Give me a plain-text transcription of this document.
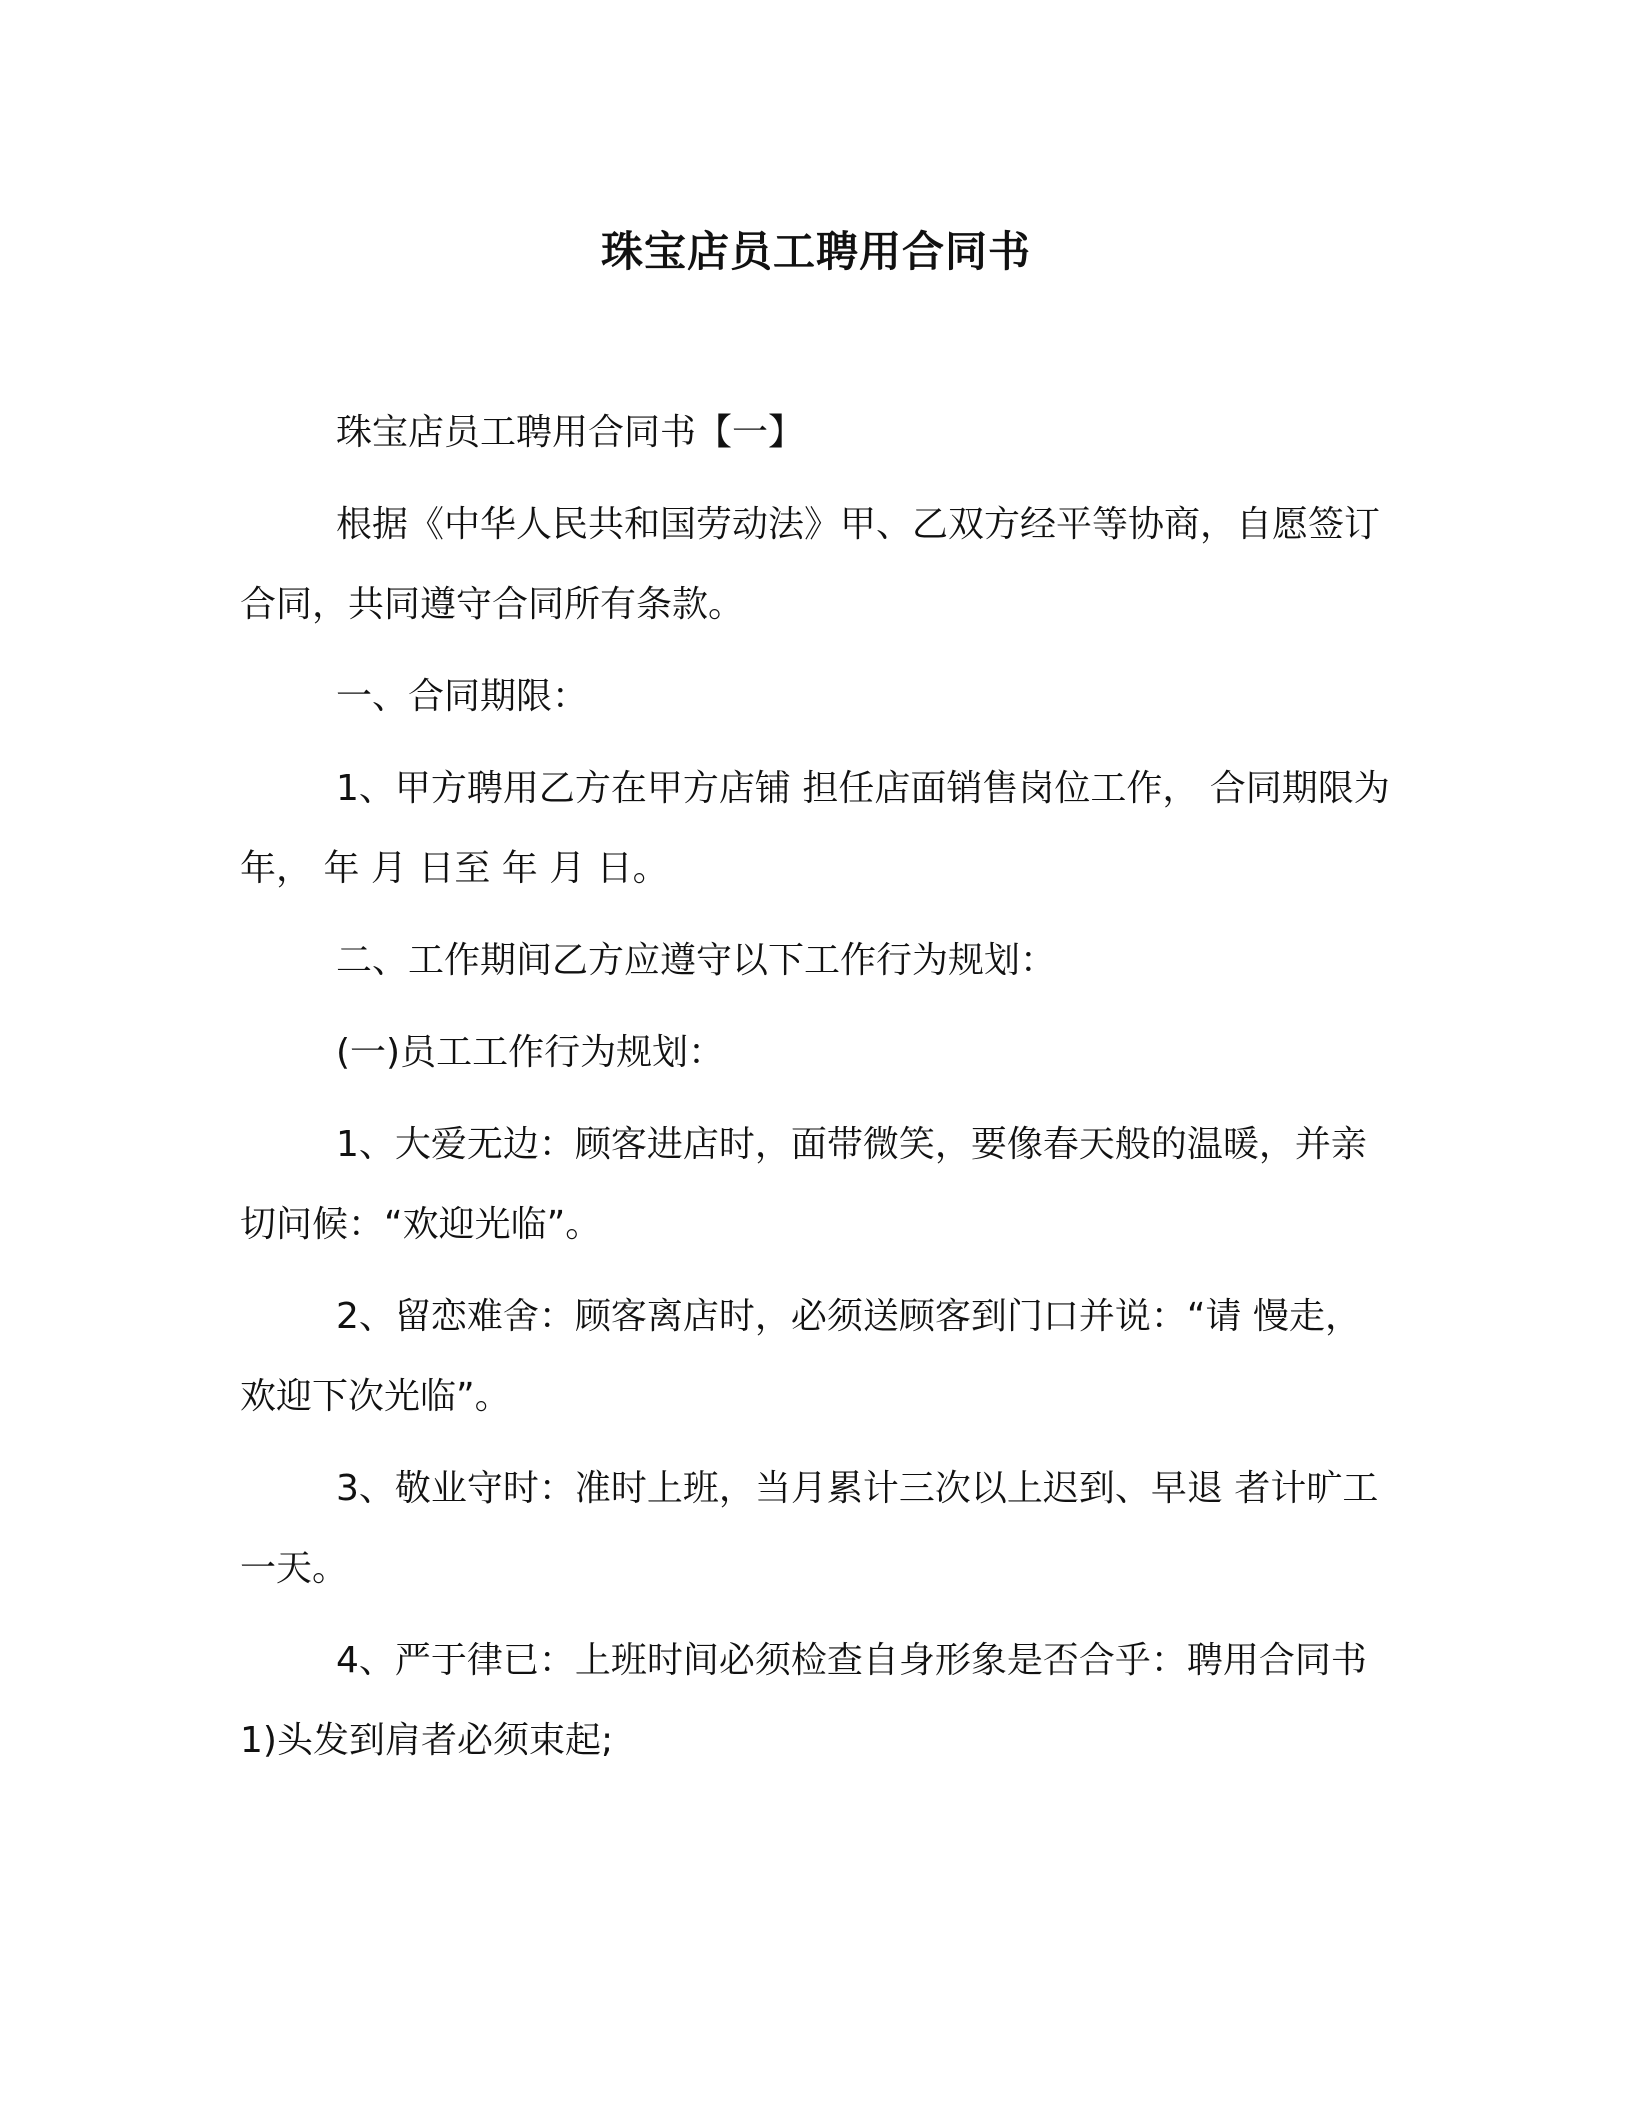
珠宝店员工聘用合同书

珠宝店员工聘用合同书【一】

根据《中华人民共和国劳动法》甲、乙双方经平等协商，自愿签订合同，共同遵守合同所有条款。

一、合同期限：

1、甲方聘用乙方在甲方店铺 担任店面销售岗位工作， 合同期限为 年， 年 月 日至 年 月 日。

二、工作期间乙方应遵守以下工作行为规划：

(一)员工工作行为规划：

1、大爱无边：顾客进店时，面带微笑，要像春天般的温暖，并亲切问候：“欢迎光临”。

2、留恋难舍：顾客离店时，必须送顾客到门口并说：“请 慢走，欢迎下次光临”。

3、敬业守时：准时上班，当月累计三次以上迟到、早退 者计旷工一天。

4、严于律已：上班时间必须检查自身形象是否合乎：聘用合同书 1)头发到肩者必须束起;
